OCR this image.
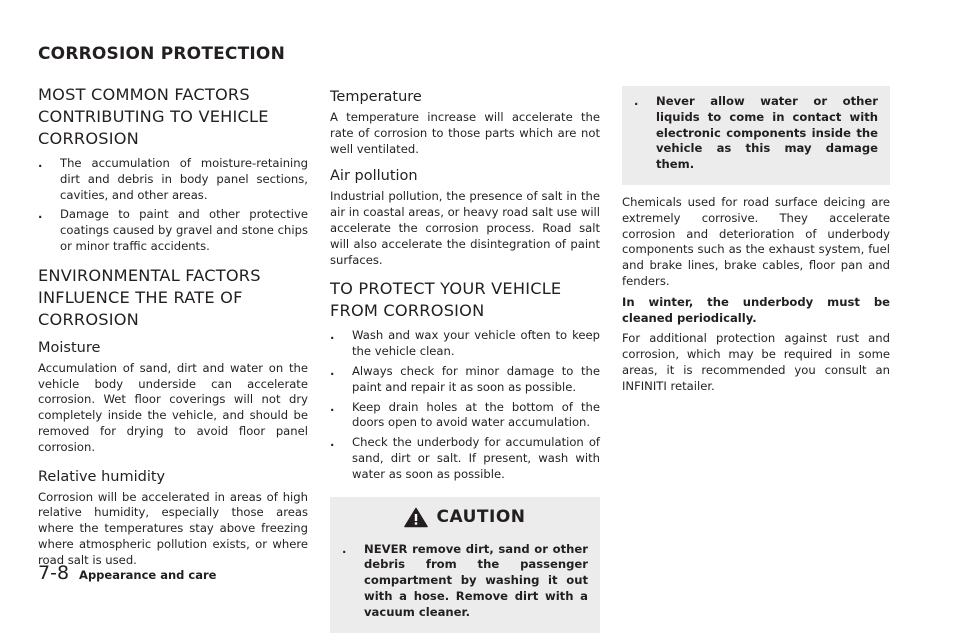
CORROSION PROTECTION
MOST COMMON FACTORS CONTRIBUTING TO VEHICLE CORROSION
. The accumulation of moisture-retaining dirt and debris in body panel sections, cavities, and other areas.
. Damage to paint and other protective coatings caused by gravel and stone chips or minor traffic accidents.
ENVIRONMENTAL FACTORS INFLUENCE THE RATE OF CORROSION
Moisture

Accumulation of sand, dirt and water on the vehicle body underside can accelerate corrosion. Wet floor coverings will not dry completely inside the vehicle, and should be removed for drying to avoid floor panel corrosion.

Relative humidity

Corrosion will be accelerated in areas of high relative humidity, especially those areas where the temperatures stay above freezing where atmospheric pollution exists, or where road salt is used.

Temperature

A temperature increase will accelerate the rate of corrosion to those parts which are not well ventilated.

Air pollution

Industrial pollution, the presence of salt in the air in coastal areas, or heavy road salt use will accelerate the corrosion process. Road salt will also accelerate the disintegration of paint surfaces.

TO PROTECT YOUR VEHICLE FROM CORROSION
. Wash and wax your vehicle often to keep the vehicle clean.
. Always check for minor damage to the paint and repair it as soon as possible.
. Keep drain holes at the bottom of the doors open to avoid water accumulation.
. Check the underbody for accumulation of sand, dirt or salt. If present, wash with water as soon as possible.
CAUTION
. NEVER remove dirt, sand or other debris from the passenger compartment by washing it out with a hose. Remove dirt with a vacuum cleaner.
. Never allow water or other liquids to come in contact with electronic components inside the vehicle as this may damage them.

Chemicals used for road surface deicing are extremely corrosive. They accelerate corrosion and deterioration of underbody components such as the exhaust system, fuel and brake lines, brake cables, floor pan and fenders.

In winter, the underbody must be cleaned periodically.

For additional protection against rust and corrosion, which may be required in some areas, it is recommended you consult an INFINITI retailer.

7-8 Appearance and care
